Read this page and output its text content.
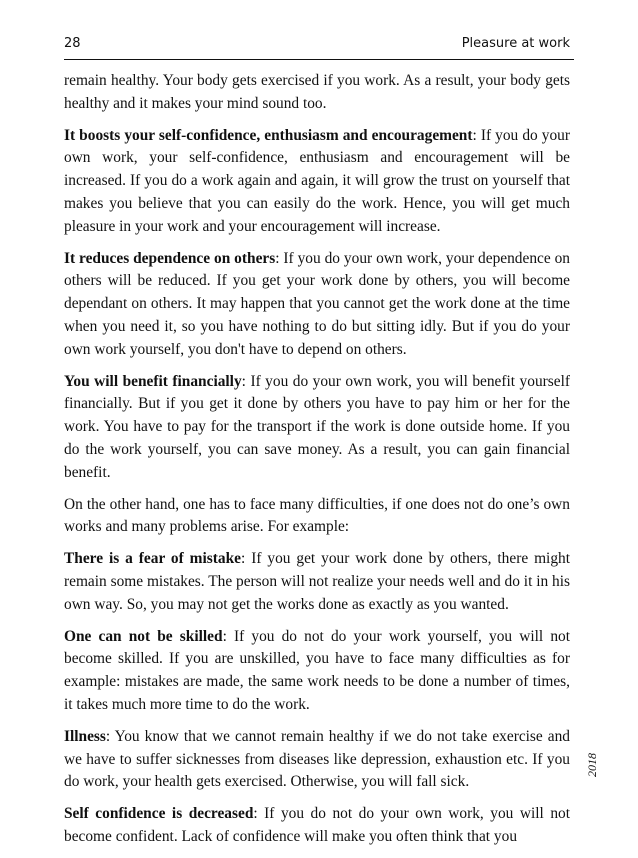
28	Pleasure at work

remain healthy. Your body gets exercised if you work. As a result, your body gets healthy and it makes your mind sound too.

It boosts your self-confidence, enthusiasm and encouragement: If you do your own work, your self-confidence, enthusiasm and encouragement will be increased. If you do a work again and again, it will grow the trust on yourself that makes you believe that you can easily do the work. Hence, you will get much pleasure in your work and your encouragement will increase.

It reduces dependence on others: If you do your own work, your dependence on others will be reduced. If you get your work done by others, you will become dependant on others. It may happen that you cannot get the work done at the time when you need it, so you have nothing to do but sitting idly. But if you do your own work yourself, you don't have to depend on others.

You will benefit financially: If you do your own work, you will benefit yourself financially. But if you get it done by others you have to pay him or her for the work. You have to pay for the transport if the work is done outside home. If you do the work yourself, you can save money. As a result, you can gain financial benefit.

On the other hand, one has to face many difficulties, if one does not do one’s own works and many problems arise. For example:

There is a fear of mistake: If you get your work done by others, there might remain some mistakes. The person will not realize your needs well and do it in his own way. So, you may not get the works done as exactly as you wanted.

One can not be skilled: If you do not do your work yourself, you will not become skilled. If you are unskilled, you have to face many difficulties as for example: mistakes are made, the same work needs to be done a number of times, it takes much more time to do the work.

Illness: You know that we cannot remain healthy if we do not take exercise and we have to suffer sicknesses from diseases like depression, exhaustion etc. If you do work, your health gets exercised. Otherwise, you will fall sick.

Self confidence is decreased: If you do not do your own work, you will not become confident. Lack of confidence will make you often think that you

2018
